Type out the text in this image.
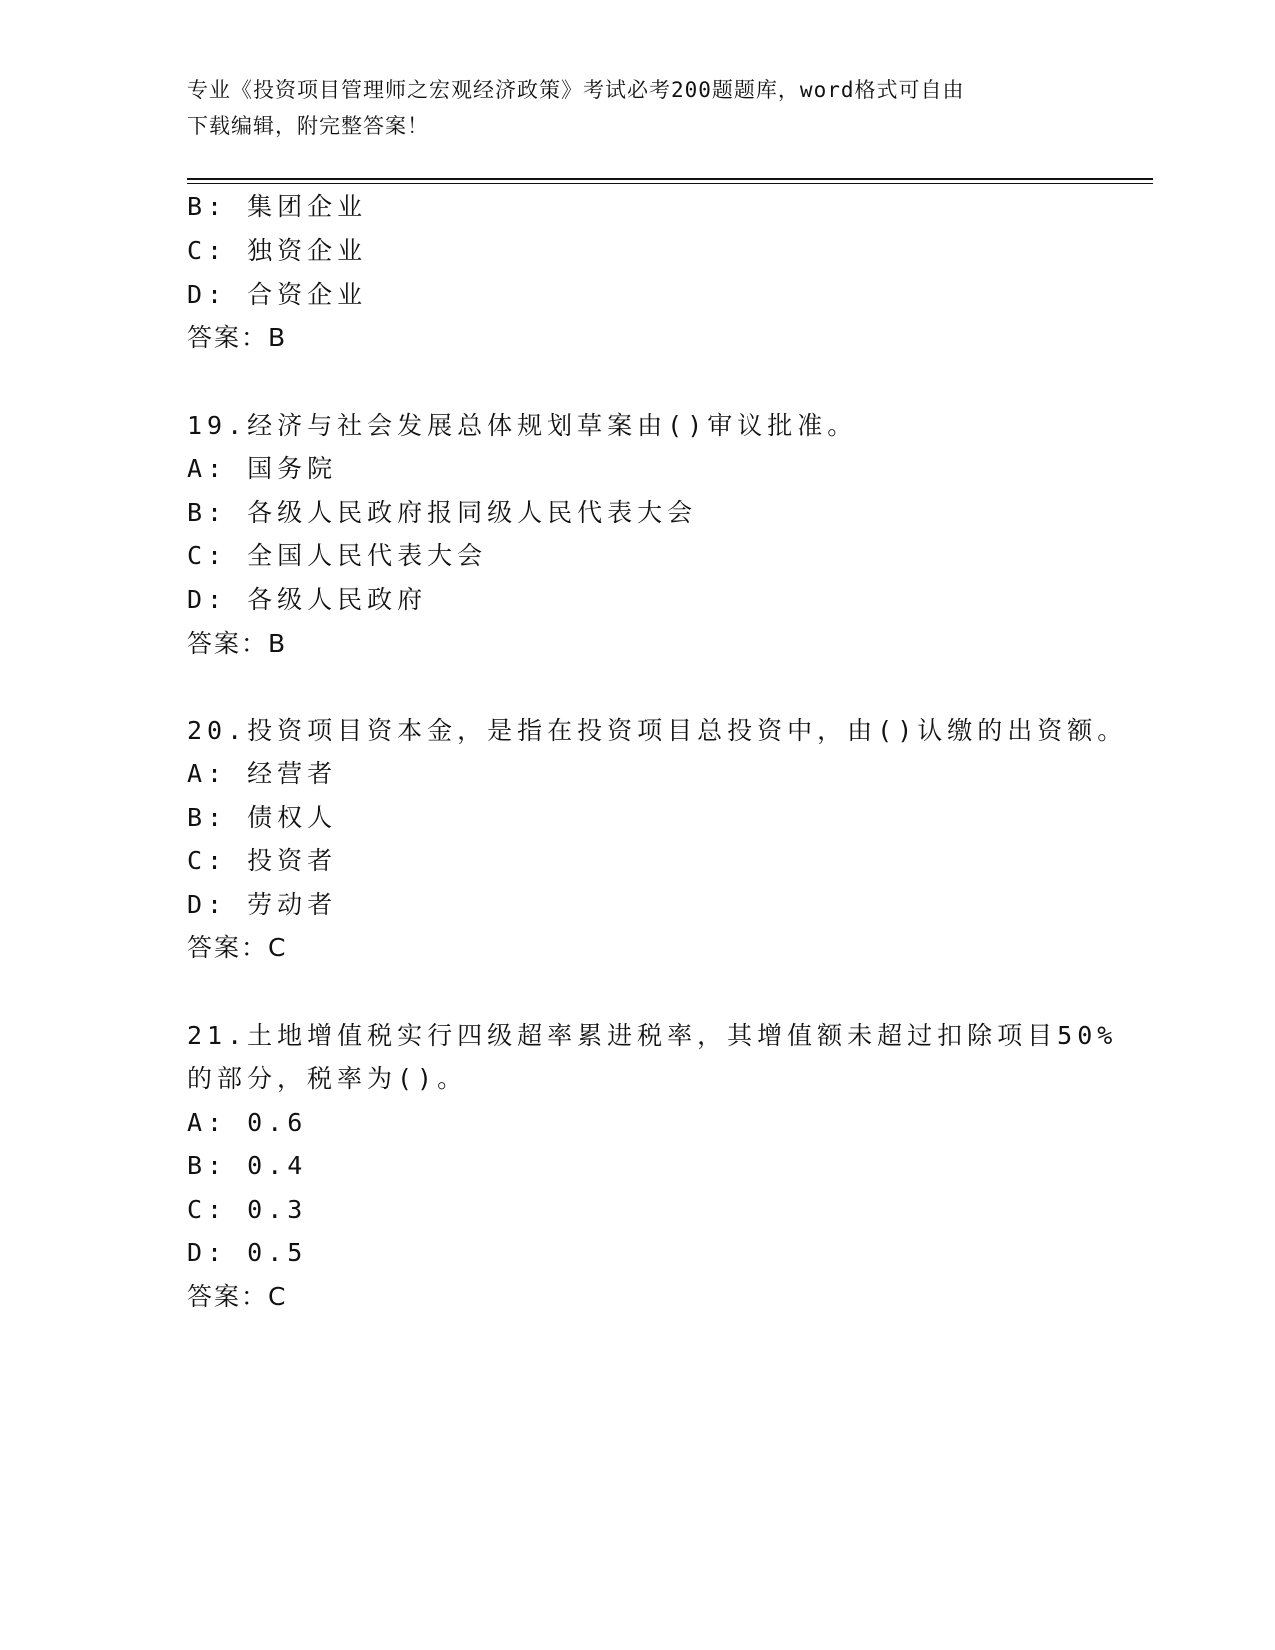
专业《投资项目管理师之宏观经济政策》考试必考200题题库，word格式可自由
下载编辑，附完整答案！
B: 集团企业
C: 独资企业
D: 合资企业
答案：B
19.经济与社会发展总体规划草案由()审议批准。
A: 国务院
B: 各级人民政府报同级人民代表大会
C: 全国人民代表大会
D: 各级人民政府
答案：B
20.投资项目资本金，是指在投资项目总投资中，由()认缴的出资额。
A: 经营者
B: 债权人
C: 投资者
D: 劳动者
答案：C
21.土地增值税实行四级超率累进税率，其增值额未超过扣除项目50%
的部分，税率为()。
A: 0.6
B: 0.4
C: 0.3
D: 0.5
答案：C
